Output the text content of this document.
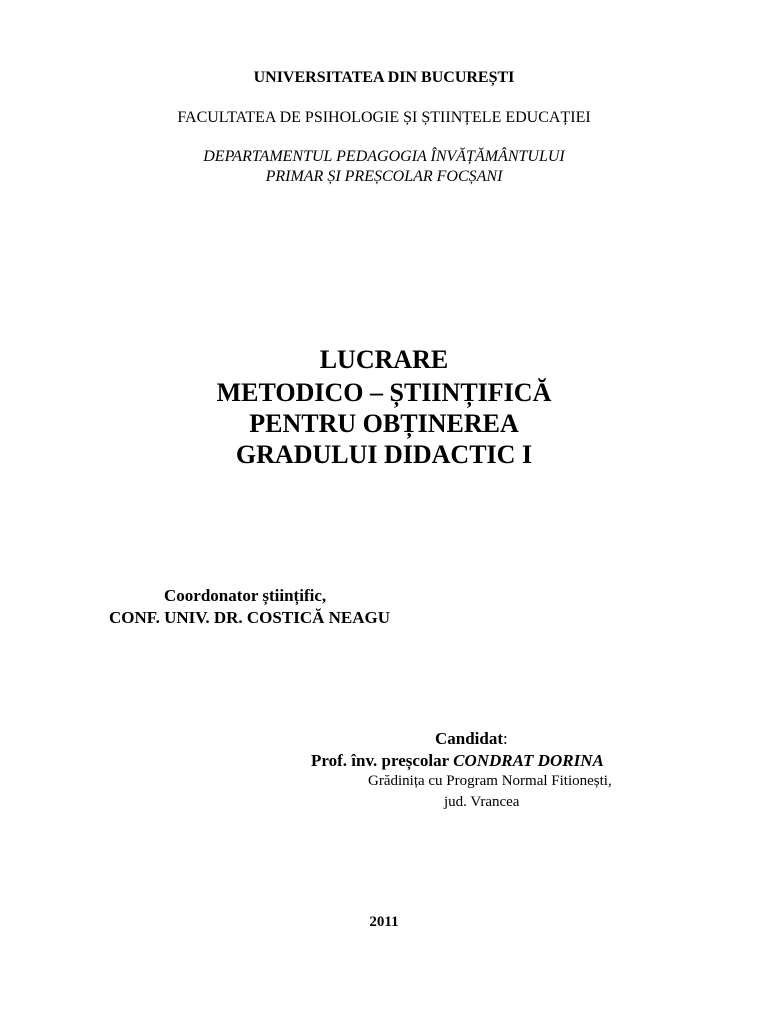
UNIVERSITATEA DIN BUCUREȘTI
FACULTATEA DE PSIHOLOGIE ȘI ȘTIINȚELE EDUCAȚIEI
DEPARTAMENTUL PEDAGOGIA ÎNVĂȚĂMÂNTULUI
PRIMAR ȘI PREȘCOLAR FOCȘANI
LUCRARE
METODICO – ȘTIINȚIFICĂ
PENTRU OBȚINEREA
GRADULUI DIDACTIC I
Coordonator științific,
CONF. UNIV. DR. COSTICĂ NEAGU
Candidat:
Prof. înv. preșcolar CONDRAT DORINA
Grădinița cu Program Normal Fitionești,
jud. Vrancea
2011
